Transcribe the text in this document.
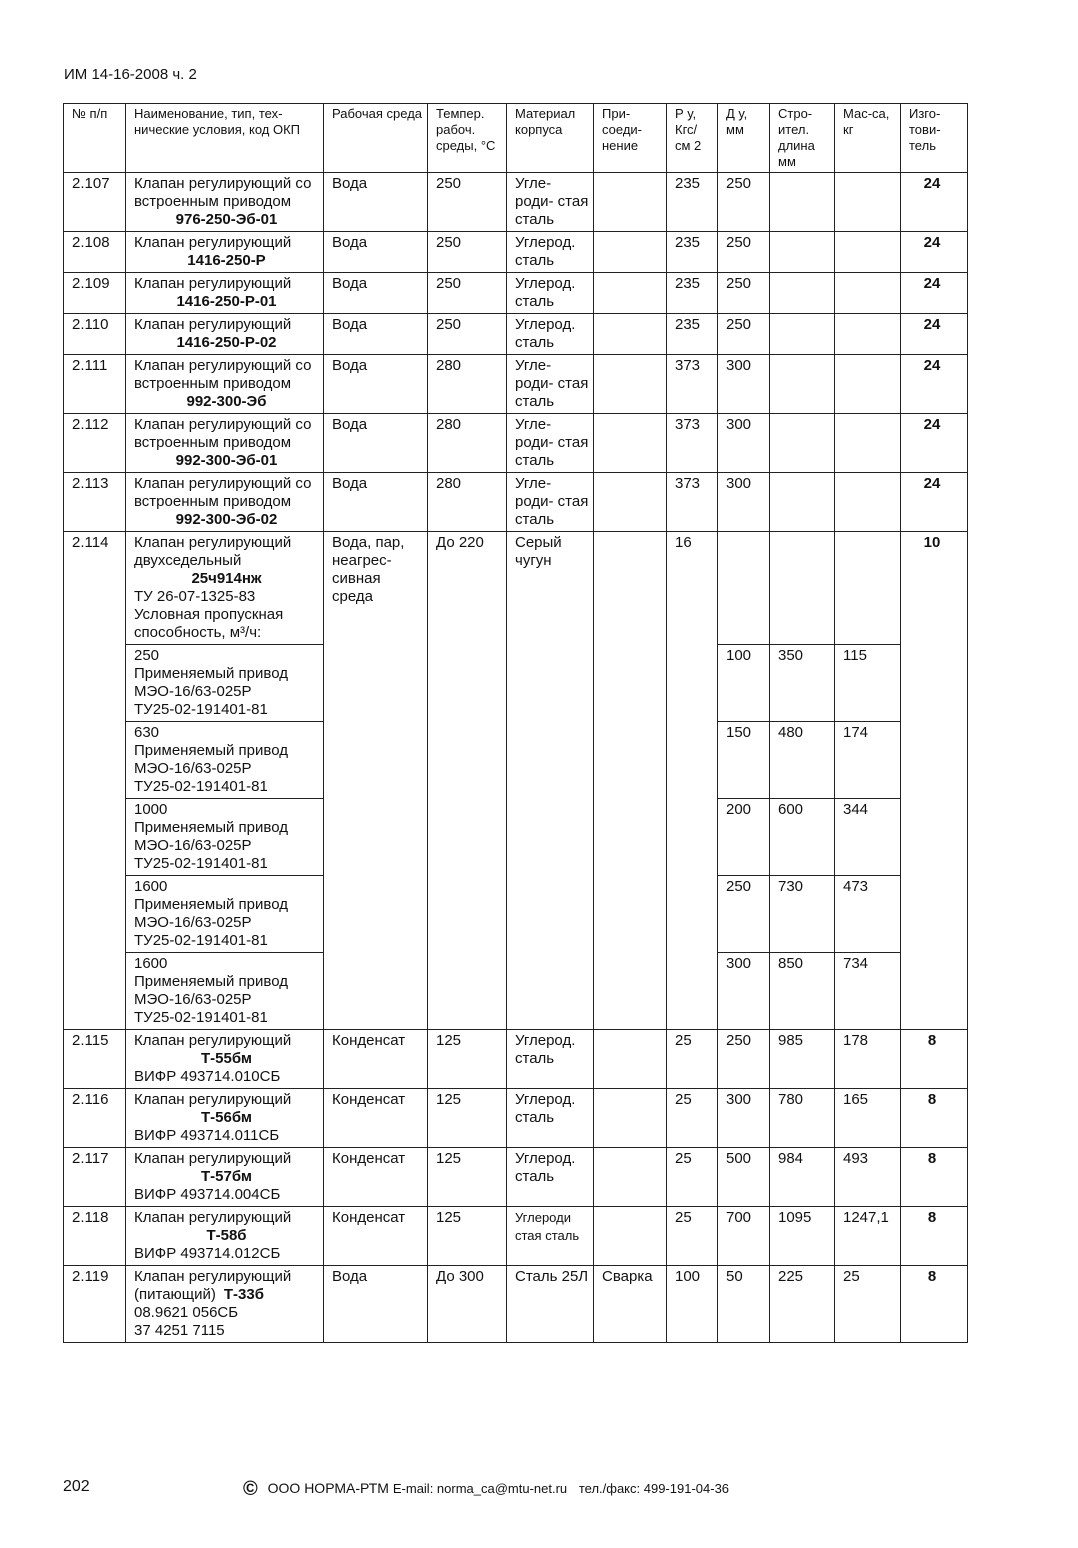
ИМ 14-16-2008 ч. 2
№ п/п	Наименование, тип, тех-нические условия, код ОКП	Рабочая среда	Темпер. рабоч. среды, °С	Материал корпуса	При-соеди-нение	Р у, Кгс/ см 2	Д у, мм	Стро-ител. длина мм	Мас-са, кг	Изго-тови-тель
2.107	Клапан регулирующий со встроенным приводом
976-250-Эб-01	Вода	250	Угле- роди- стая сталь		235	250			24
2.108	Клапан регулирующий
1416-250-Р	Вода	250	Углерод. сталь		235	250			24
2.109	Клапан регулирующий
1416-250-Р-01	Вода	250	Углерод. сталь		235	250			24
2.110	Клапан регулирующий
1416-250-Р-02	Вода	250	Углерод. сталь		235	250			24
2.111	Клапан регулирующий со встроенным приводом
992-300-Эб	Вода	280	Угле- роди- стая сталь		373	300			24
2.112	Клапан регулирующий со встроенным приводом
992-300-Эб-01	Вода	280	Угле- роди- стая сталь		373	300			24
2.113	Клапан регулирующий со встроенным приводом
992-300-Эб-02	Вода	280	Угле- роди- стая сталь		373	300			24
2.114	Клапан регулирующий двухседельный
25ч914нж
ТУ 26-07-1325-83
Условная пропускная способность, м³/ч:	Вода, пар, неагрес- сивная среда	До 220	Серый чугун		16				10

	250
Применяемый привод
МЭО-16/63-025Р
ТУ25-02-191401-81						100	350	115	

	630
Применяемый привод
МЭО-16/63-025Р
ТУ25-02-191401-81						150	480	174	

	1000
Применяемый привод
МЭО-16/63-025Р
ТУ25-02-191401-81						200	600	344	

	1600
Применяемый привод
МЭО-16/63-025Р
ТУ25-02-191401-81						250	730	473	

	1600
Применяемый привод
МЭО-16/63-025Р
ТУ25-02-191401-81						300	850	734	
2.115	Клапан регулирующий
Т-55бм
ВИФР 493714.010СБ	Конденсат	125	Углерод. сталь		25	250	985	178	8
2.116	Клапан регулирующий
Т-56бм
ВИФР 493714.011СБ	Конденсат	125	Углерод. сталь		25	300	780	165	8
2.117	Клапан регулирующий
Т-57бм
ВИФР 493714.004СБ	Конденсат	125	Углерод. сталь		25	500	984	493	8
2.118	Клапан регулирующий
Т-58б
ВИФР 493714.012СБ	Конденсат	125	Углероди стая сталь		25	700	1095	1247,1	8
2.119	Клапан регулирующий (питающий) Т-33б
08.9621 056СБ
37 4251 7115	Вода	До 300	Сталь 25Л	Сварка	100	50	225	25	8
202	© ООО НОРМА-РТМ E-mail: norma_ca@mtu-net.ru тел./факс: 499-191-04-36
